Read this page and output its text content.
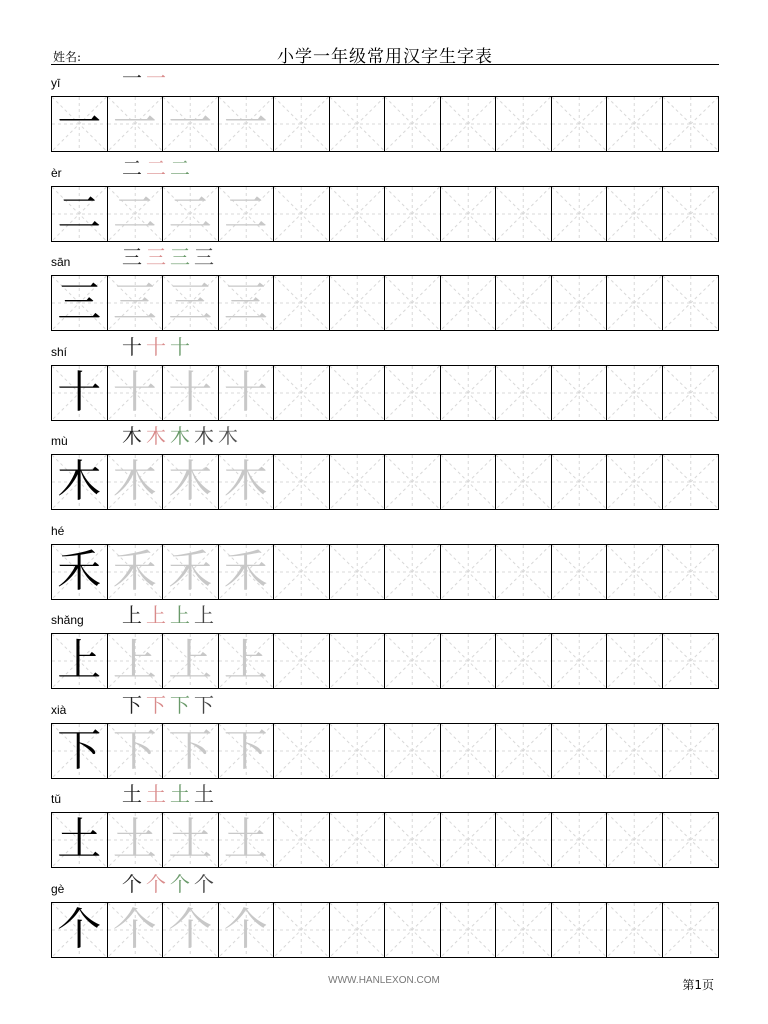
姓名:	小学一年级常用汉字生字表
yī	一 一
一 一 一 一
èr	二 二 二
二 二 二 二
sān	三 三 三 三
三 三 三 三
shí	十 十 十
十 十 十 十
mù	木 木 木 木 木
木 木 木 木
hé
禾 禾 禾 禾
shǎng 上 上 上 上
上 上 上 上
xià	下 下 下 下
下 下 下 下
tǔ	土 土 土 土
土 土 土 土
gè	个 个 个 个
个 个 个 个
WWW.HANLEXON.COM	第1页
